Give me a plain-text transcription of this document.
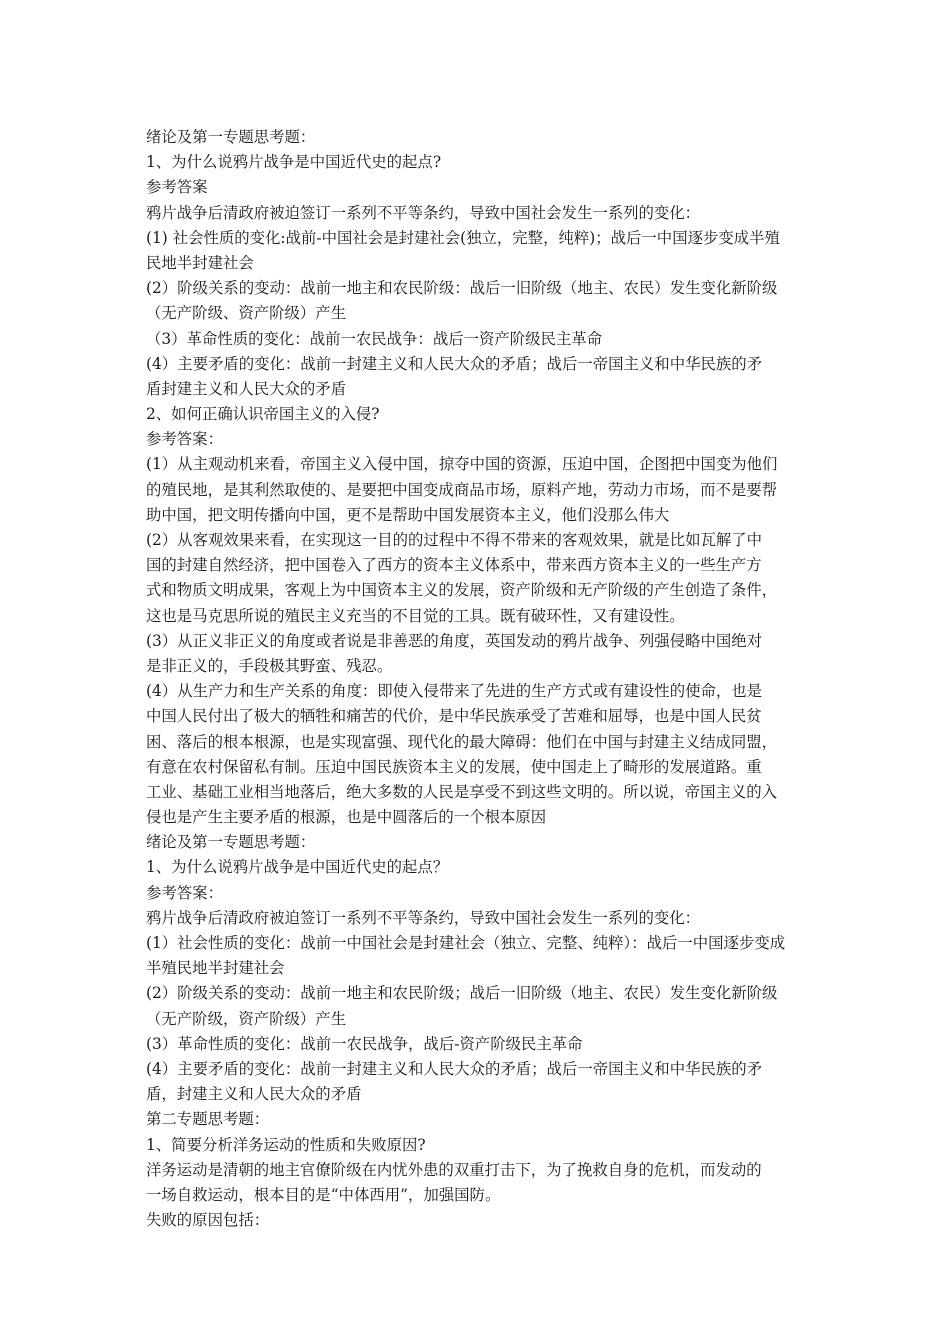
绪论及第一专题思考题：
1、为什么说鸦片战争是中国近代史的起点?
参考答案
鸦片战争后清政府被迫签订一系列不平等条约，导致中国社会发生一系列的变化：
(1) 社会性质的变化:战前-中国社会是封建社会(独立，完整，纯粹)；战后一中国逐步变成半殖
民地半封建社会
(2）阶级关系的变动：战前一地主和农民阶级：战后一旧阶级（地主、农民）发生变化新阶级
（无产阶级、资产阶级）产生
（3）革命性质的变化：战前一农民战争：战后一资产阶级民主革命
(4）主要矛盾的变化：战前一封建主义和人民大众的矛盾；战后一帝国主义和中华民族的矛
盾封建主义和人民大众的矛盾
2、如何正确认识帝国主义的入侵?
参考答案：
(1）从主观动机来看，帝国主义入侵中国，掠夺中国的资源，压迫中国，企图把中国变为他们
的殖民地，是其利然取使的、是要把中国变成商品市场，原料产地，劳动力市场，而不是要帮
助中国，把文明传播向中国，更不是帮助中国发展资本主义，他们没那么伟大
(2）从客观效果来看，在实现这一目的的过程中不得不带来的客观效果，就是比如瓦解了中
国的封建自然经济，把中国卷入了西方的资本主义体系中，带来西方资本主义的一些生产方
式和物质文明成果，客观上为中国资本主义的发展，资产阶级和无产阶级的产生创造了条件，
这也是马克思所说的殖民主义充当的不目觉的工具。既有破环性，又有建设性。
(3）从正义非正义的角度或者说是非善恶的角度，英国发动的鸦片战争、列强侵略中国绝对
是非正义的，手段极其野蛮、残忍。
(4）从生产力和生产关系的角度：即使入侵带来了先进的生产方式或有建设性的使命，也是
中国人民付出了极大的牺牲和痛苦的代价，是中华民族承受了苦难和屈辱，也是中国人民贫
困、落后的根本根源，也是实现富强、现代化的最大障碍：他们在中国与封建主义结成同盟，
有意在农村保留私有制。压迫中国民族资本主义的发展，使中国走上了畸形的发展道路。重
工业、基础工业相当地落后，绝大多数的人民是享受不到这些文明的。所以说，帝国主义的入
侵也是产生主要矛盾的根源，也是中圆落后的一个根本原因
绪论及第一专题思考题：
1、为什么说鸦片战争是中国近代史的起点？
参考答案：
鸦片战争后清政府被迫签订一系列不平等条约，导致中国社会发生一系列的变化：
(1）社会性质的变化：战前一中国社会是封建社会（独立、完整、纯粹）：战后一中国逐步变成
半殖民地半封建社会
(2）阶级关系的变动：战前一地主和农民阶级；战后一旧阶级（地主、农民）发生变化新阶级
（无产阶级，资产阶级）产生
(3）革命性质的变化：战前一农民战争，战后-资产阶级民主革命
(4）主要矛盾的变化：战前一封建主义和人民大众的矛盾；战后一帝国主义和中华民族的矛
盾，封建主义和人民大众的矛盾
第二专题思考题：
1、简要分析洋务运动的性质和失败原因?
洋务运动是清朝的地主官僚阶级在内忧外患的双重打击下，为了挽救自身的危机，而发动的
一场自救运动，根本目的是“中体西用”，加强国防。
失败的原因包括：
